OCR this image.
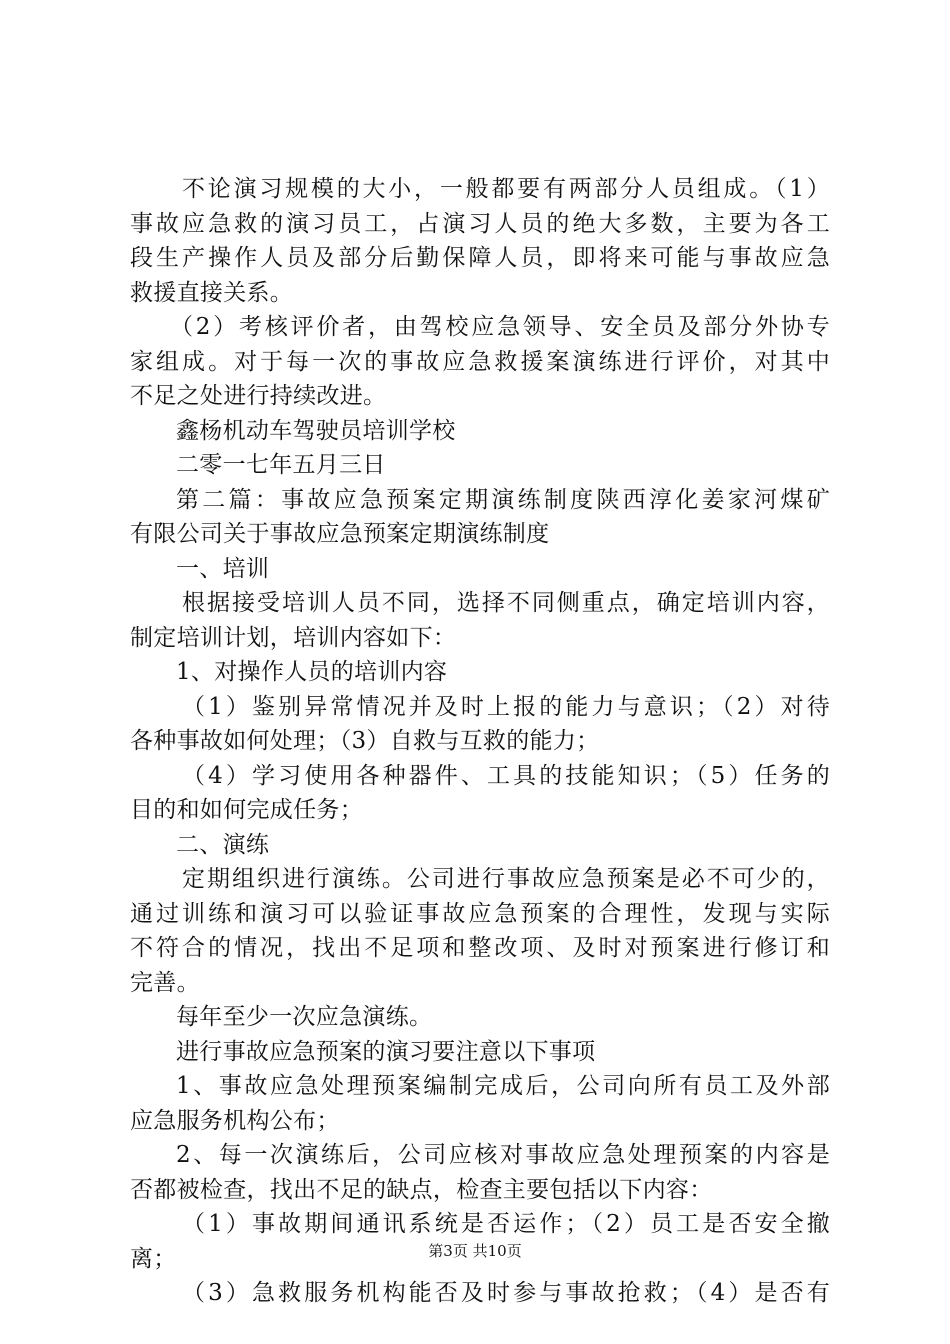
不论演习规模的大小，一般都要有两部分人员组成。（1）
事故应急救的演习员工，占演习人员的绝大多数，主要为各工
段生产操作人员及部分后勤保障人员，即将来可能与事故应急
救援直接关系。
（2）考核评价者，由驾校应急领导、安全员及部分外协专
家组成。对于每一次的事故应急救援案演练进行评价，对其中
不足之处进行持续改进。
鑫杨机动车驾驶员培训学校
二零一七年五月三日
第二篇：事故应急预案定期演练制度陕西淳化姜家河煤矿
有限公司关于事故应急预案定期演练制度
一、培训
根据接受培训人员不同，选择不同侧重点，确定培训内容，
制定培训计划，培训内容如下：
1、对操作人员的培训内容
（1）鉴别异常情况并及时上报的能力与意识；（2）对待
各种事故如何处理；（3）自救与互救的能力；
（4）学习使用各种器件、工具的技能知识；（5）任务的
目的和如何完成任务；
二、演练
定期组织进行演练。公司进行事故应急预案是必不可少的，
通过训练和演习可以验证事故应急预案的合理性，发现与实际
不符合的情况，找出不足项和整改项、及时对预案进行修订和
完善。
每年至少一次应急演练。
进行事故应急预案的演习要注意以下事项
1、事故应急处理预案编制完成后，公司向所有员工及外部
应急服务机构公布；
2、每一次演练后，公司应核对事故应急处理预案的内容是
否都被检查，找出不足的缺点，检查主要包括以下内容：
（1）事故期间通讯系统是否运作；（2）员工是否安全撤
离；
（3）急救服务机构能否及时参与事故抢救；（4）是否有
第3页 共10页
